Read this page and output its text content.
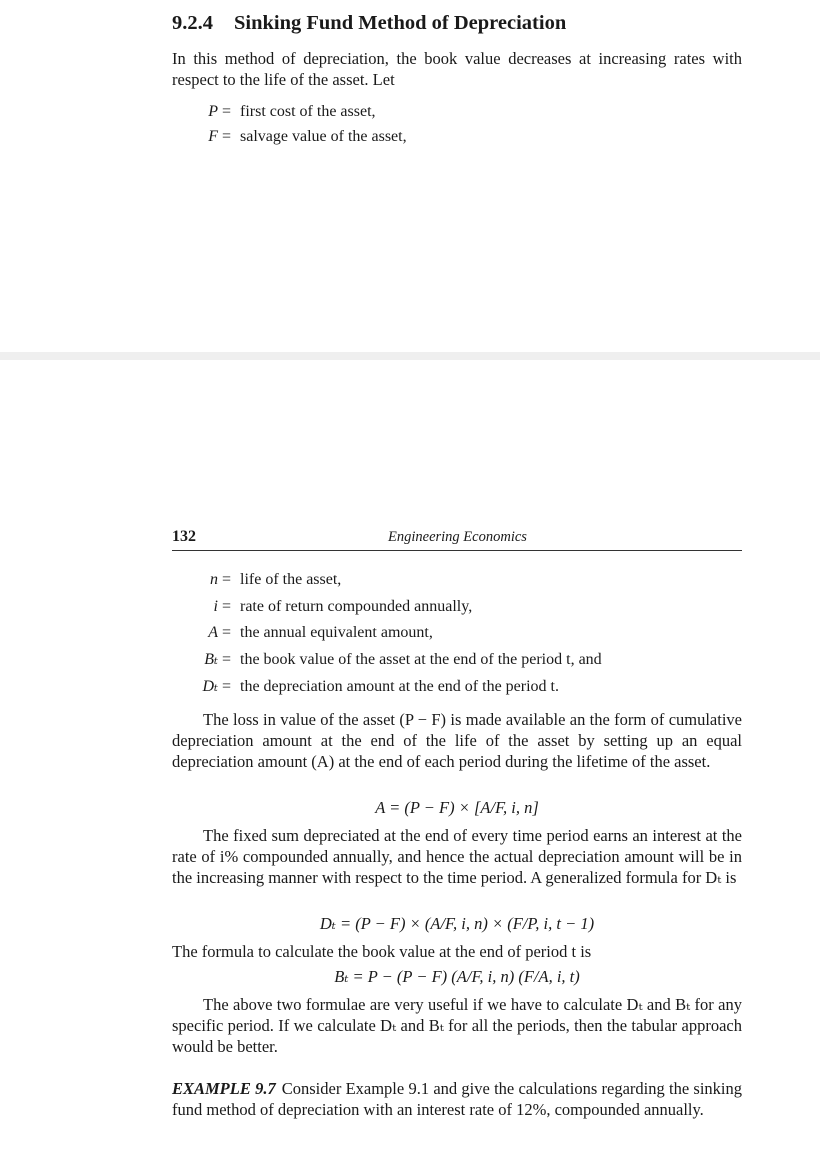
9.2.4 Sinking Fund Method of Depreciation
In this method of depreciation, the book value decreases at increasing rates with respect to the life of the asset. Let
P = first cost of the asset,
F = salvage value of the asset,
132	Engineering Economics
n = life of the asset,
i = rate of return compounded annually,
A = the annual equivalent amount,
Bₜ = the book value of the asset at the end of the period t, and
Dₜ = the depreciation amount at the end of the period t.
The loss in value of the asset (P − F) is made available an the form of cumulative depreciation amount at the end of the life of the asset by setting up an equal depreciation amount (A) at the end of each period during the lifetime of the asset.
A = (P − F) × [A/F, i, n]
The fixed sum depreciated at the end of every time period earns an interest at the rate of i% compounded annually, and hence the actual depreciation amount will be in the increasing manner with respect to the time period. A generalized formula for Dₜ is
Dₜ = (P − F) × (A/F, i, n) × (F/P, i, t − 1)
The formula to calculate the book value at the end of period t is
Bₜ = P − (P − F) (A/F, i, n) (F/A, i, t)
The above two formulae are very useful if we have to calculate Dₜ and Bₜ for any specific period. If we calculate Dₜ and Bₜ for all the periods, then the tabular approach would be better.
EXAMPLE 9.7 Consider Example 9.1 and give the calculations regarding the sinking fund method of depreciation with an interest rate of 12%, compounded annually.
